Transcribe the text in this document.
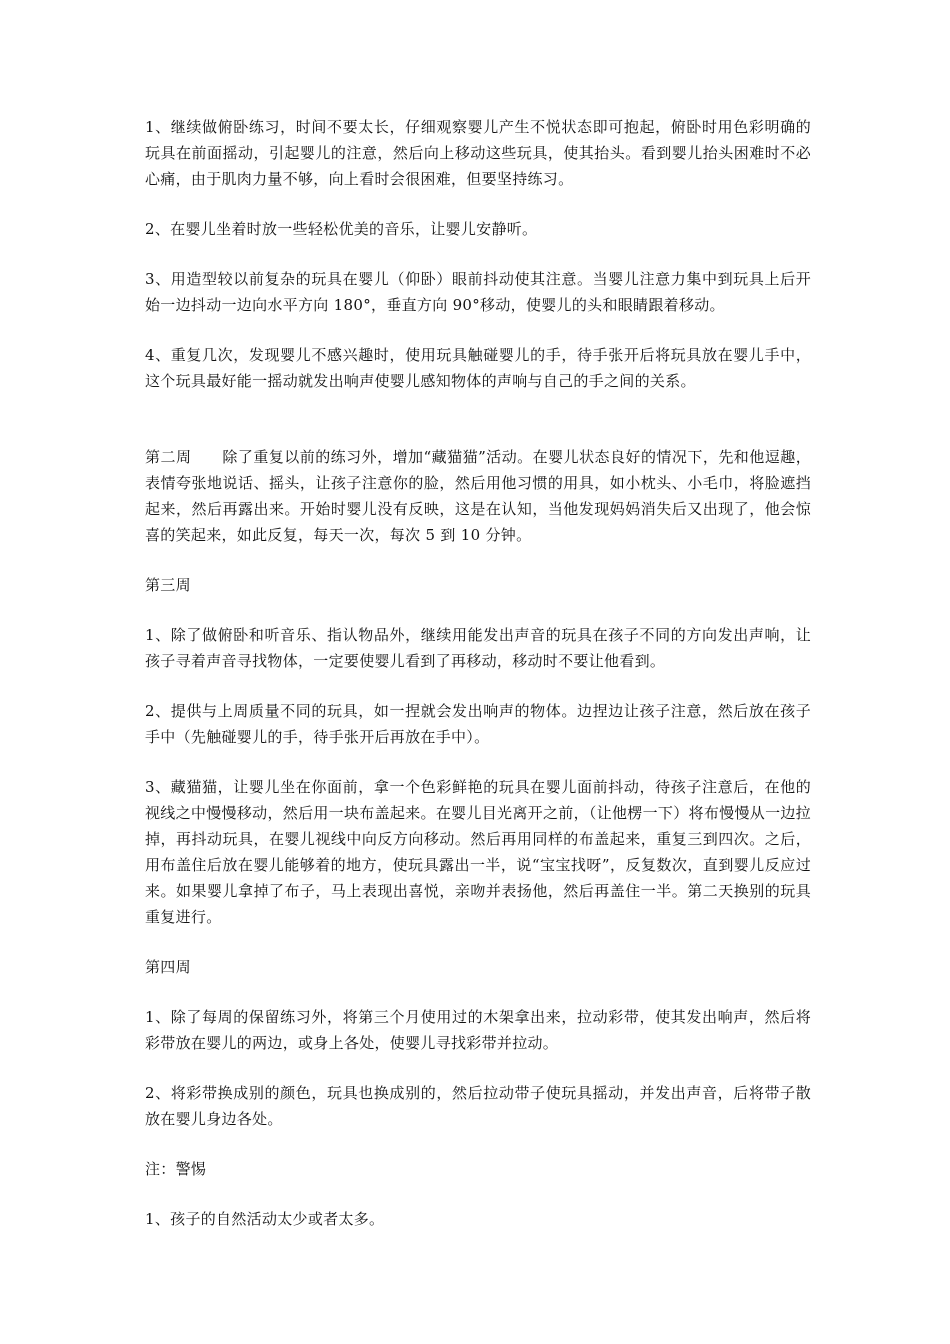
1、继续做俯卧练习，时间不要太长，仔细观察婴儿产生不悦状态即可抱起，俯卧时用色彩明确的玩具在前面摇动，引起婴儿的注意，然后向上移动这些玩具，使其抬头。看到婴儿抬头困难时不必心痛，由于肌肉力量不够，向上看时会很困难，但要坚持练习。

2、在婴儿坐着时放一些轻松优美的音乐，让婴儿安静听。

3、用造型较以前复杂的玩具在婴儿（仰卧）眼前抖动使其注意。当婴儿注意力集中到玩具上后开始一边抖动一边向水平方向 180°，垂直方向 90°移动，使婴儿的头和眼睛跟着移动。

4、重复几次，发现婴儿不感兴趣时，使用玩具触碰婴儿的手，待手张开后将玩具放在婴儿手中，这个玩具最好能一摇动就发出响声使婴儿感知物体的声响与自己的手之间的关系。

第二周　　除了重复以前的练习外，增加“藏猫猫”活动。在婴儿状态良好的情况下，先和他逗趣，表情夸张地说话、摇头，让孩子注意你的脸，然后用他习惯的用具，如小枕头、小毛巾，将脸遮挡起来，然后再露出来。开始时婴儿没有反映，这是在认知，当他发现妈妈消失后又出现了，他会惊喜的笑起来，如此反复，每天一次，每次 5 到 10 分钟。

第三周

1、除了做俯卧和听音乐、指认物品外，继续用能发出声音的玩具在孩子不同的方向发出声响，让孩子寻着声音寻找物体，一定要使婴儿看到了再移动，移动时不要让他看到。

2、提供与上周质量不同的玩具，如一捏就会发出响声的物体。边捏边让孩子注意，然后放在孩子手中（先触碰婴儿的手，待手张开后再放在手中）。

3、藏猫猫，让婴儿坐在你面前，拿一个色彩鲜艳的玩具在婴儿面前抖动，待孩子注意后，在他的视线之中慢慢移动，然后用一块布盖起来。在婴儿目光离开之前，（让他楞一下）将布慢慢从一边拉掉，再抖动玩具，在婴儿视线中向反方向移动。然后再用同样的布盖起来，重复三到四次。之后，用布盖住后放在婴儿能够着的地方，使玩具露出一半，说“宝宝找呀”，反复数次，直到婴儿反应过来。如果婴儿拿掉了布子，马上表现出喜悦，亲吻并表扬他，然后再盖住一半。第二天换别的玩具重复进行。

第四周

1、除了每周的保留练习外，将第三个月使用过的木架拿出来，拉动彩带，使其发出响声，然后将彩带放在婴儿的两边，或身上各处，使婴儿寻找彩带并拉动。

2、将彩带换成别的颜色，玩具也换成别的，然后拉动带子使玩具摇动，并发出声音，后将带子散放在婴儿身边各处。

注：警惕

1、孩子的自然活动太少或者太多。
